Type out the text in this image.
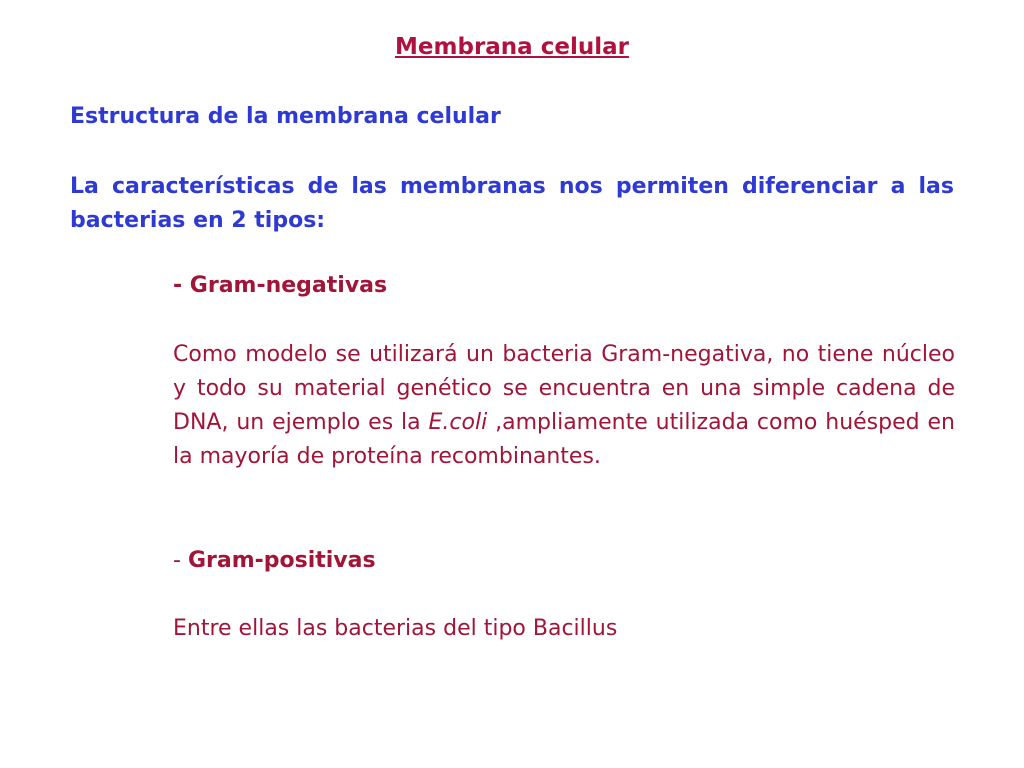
Membrana celular
Estructura de la membrana celular
La características de las membranas nos permiten diferenciar a las bacterias en 2 tipos:
- Gram-negativas
Como modelo se utilizará un bacteria Gram-negativa, no tiene núcleo y todo su material genético se encuentra en una simple cadena de DNA, un ejemplo es la E.coli ,ampliamente utilizada como huésped en la mayoría de proteína recombinantes.
- Gram-positivas
Entre ellas las bacterias del tipo Bacillus
